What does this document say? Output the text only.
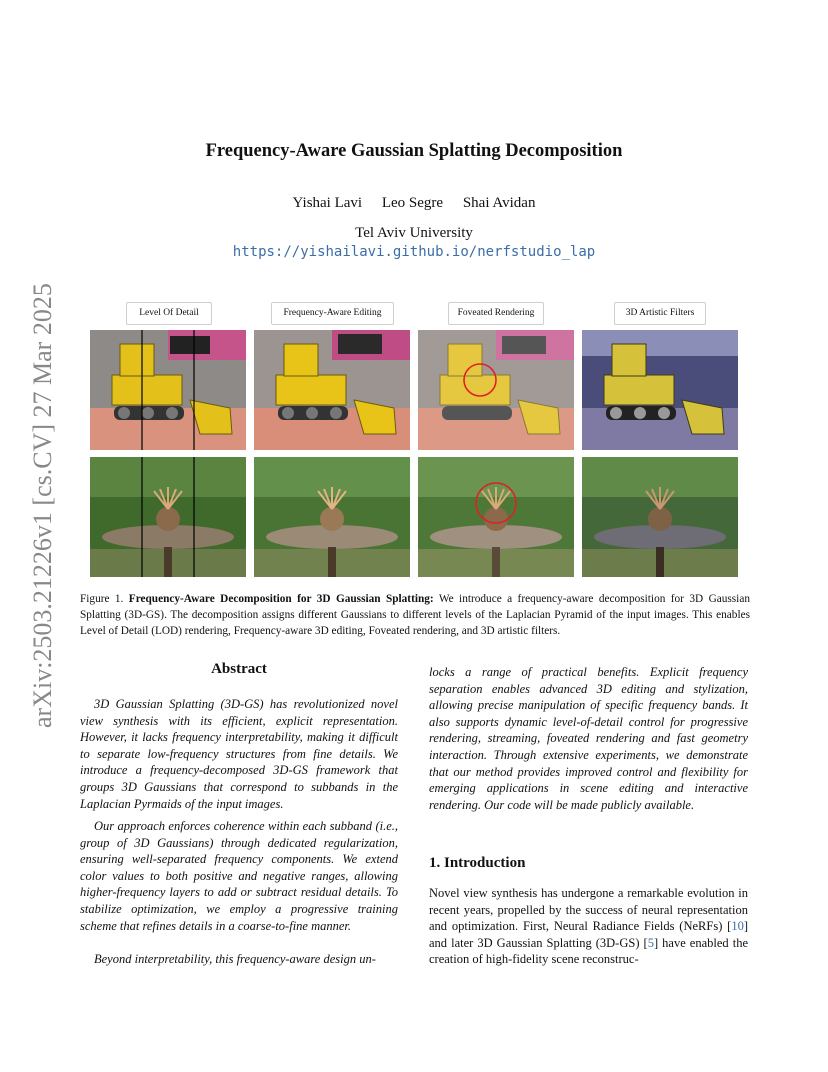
arXiv:2503.21226v1 [cs.CV] 27 Mar 2025
Frequency-Aware Gaussian Splatting Decomposition
Yishai Lavi Leo Segre Shai Avidan
Tel Aviv University
https://yishailavi.github.io/nerfstudio_lap
Level Of Detail	Frequency-Aware Editing	Foveated Rendering	3D Artistic Filters
Figure 1. Frequency-Aware Decomposition for 3D Gaussian Splatting: We introduce a frequency-aware decomposition for 3D Gaussian Splatting (3D-GS). The decomposition assigns different Gaussians to different levels of the Laplacian Pyramid of the input images. This enables Level of Detail (LOD) rendering, Frequency-aware 3D editing, Foveated rendering, and 3D artistic filters.
Abstract
3D Gaussian Splatting (3D-GS) has revolutionized novel view synthesis with its efficient, explicit representation. However, it lacks frequency interpretability, making it difficult to separate low-frequency structures from fine details. We introduce a frequency-decomposed 3D-GS framework that groups 3D Gaussians that correspond to subbands in the Laplacian Pyrmaids of the input images.
Our approach enforces coherence within each subband (i.e., group of 3D Gaussians) through dedicated regularization, ensuring well-separated frequency components. We extend color values to both positive and negative ranges, allowing higher-frequency layers to add or subtract residual details. To stabilize optimization, we employ a progressive training scheme that refines details in a coarse-to-fine manner.
Beyond interpretability, this frequency-aware design un-
locks a range of practical benefits. Explicit frequency separation enables advanced 3D editing and stylization, allowing precise manipulation of specific frequency bands. It also supports dynamic level-of-detail control for progressive rendering, streaming, foveated rendering and fast geometry interaction. Through extensive experiments, we demonstrate that our method provides improved control and flexibility for emerging applications in scene editing and interactive rendering. Our code will be made publicly available.
1. Introduction
Novel view synthesis has undergone a remarkable evolution in recent years, propelled by the success of neural representation and optimization. First, Neural Radiance Fields (NeRFs) [10] and later 3D Gaussian Splatting (3D-GS) [5] have enabled the creation of high-fidelity scene reconstruc-
